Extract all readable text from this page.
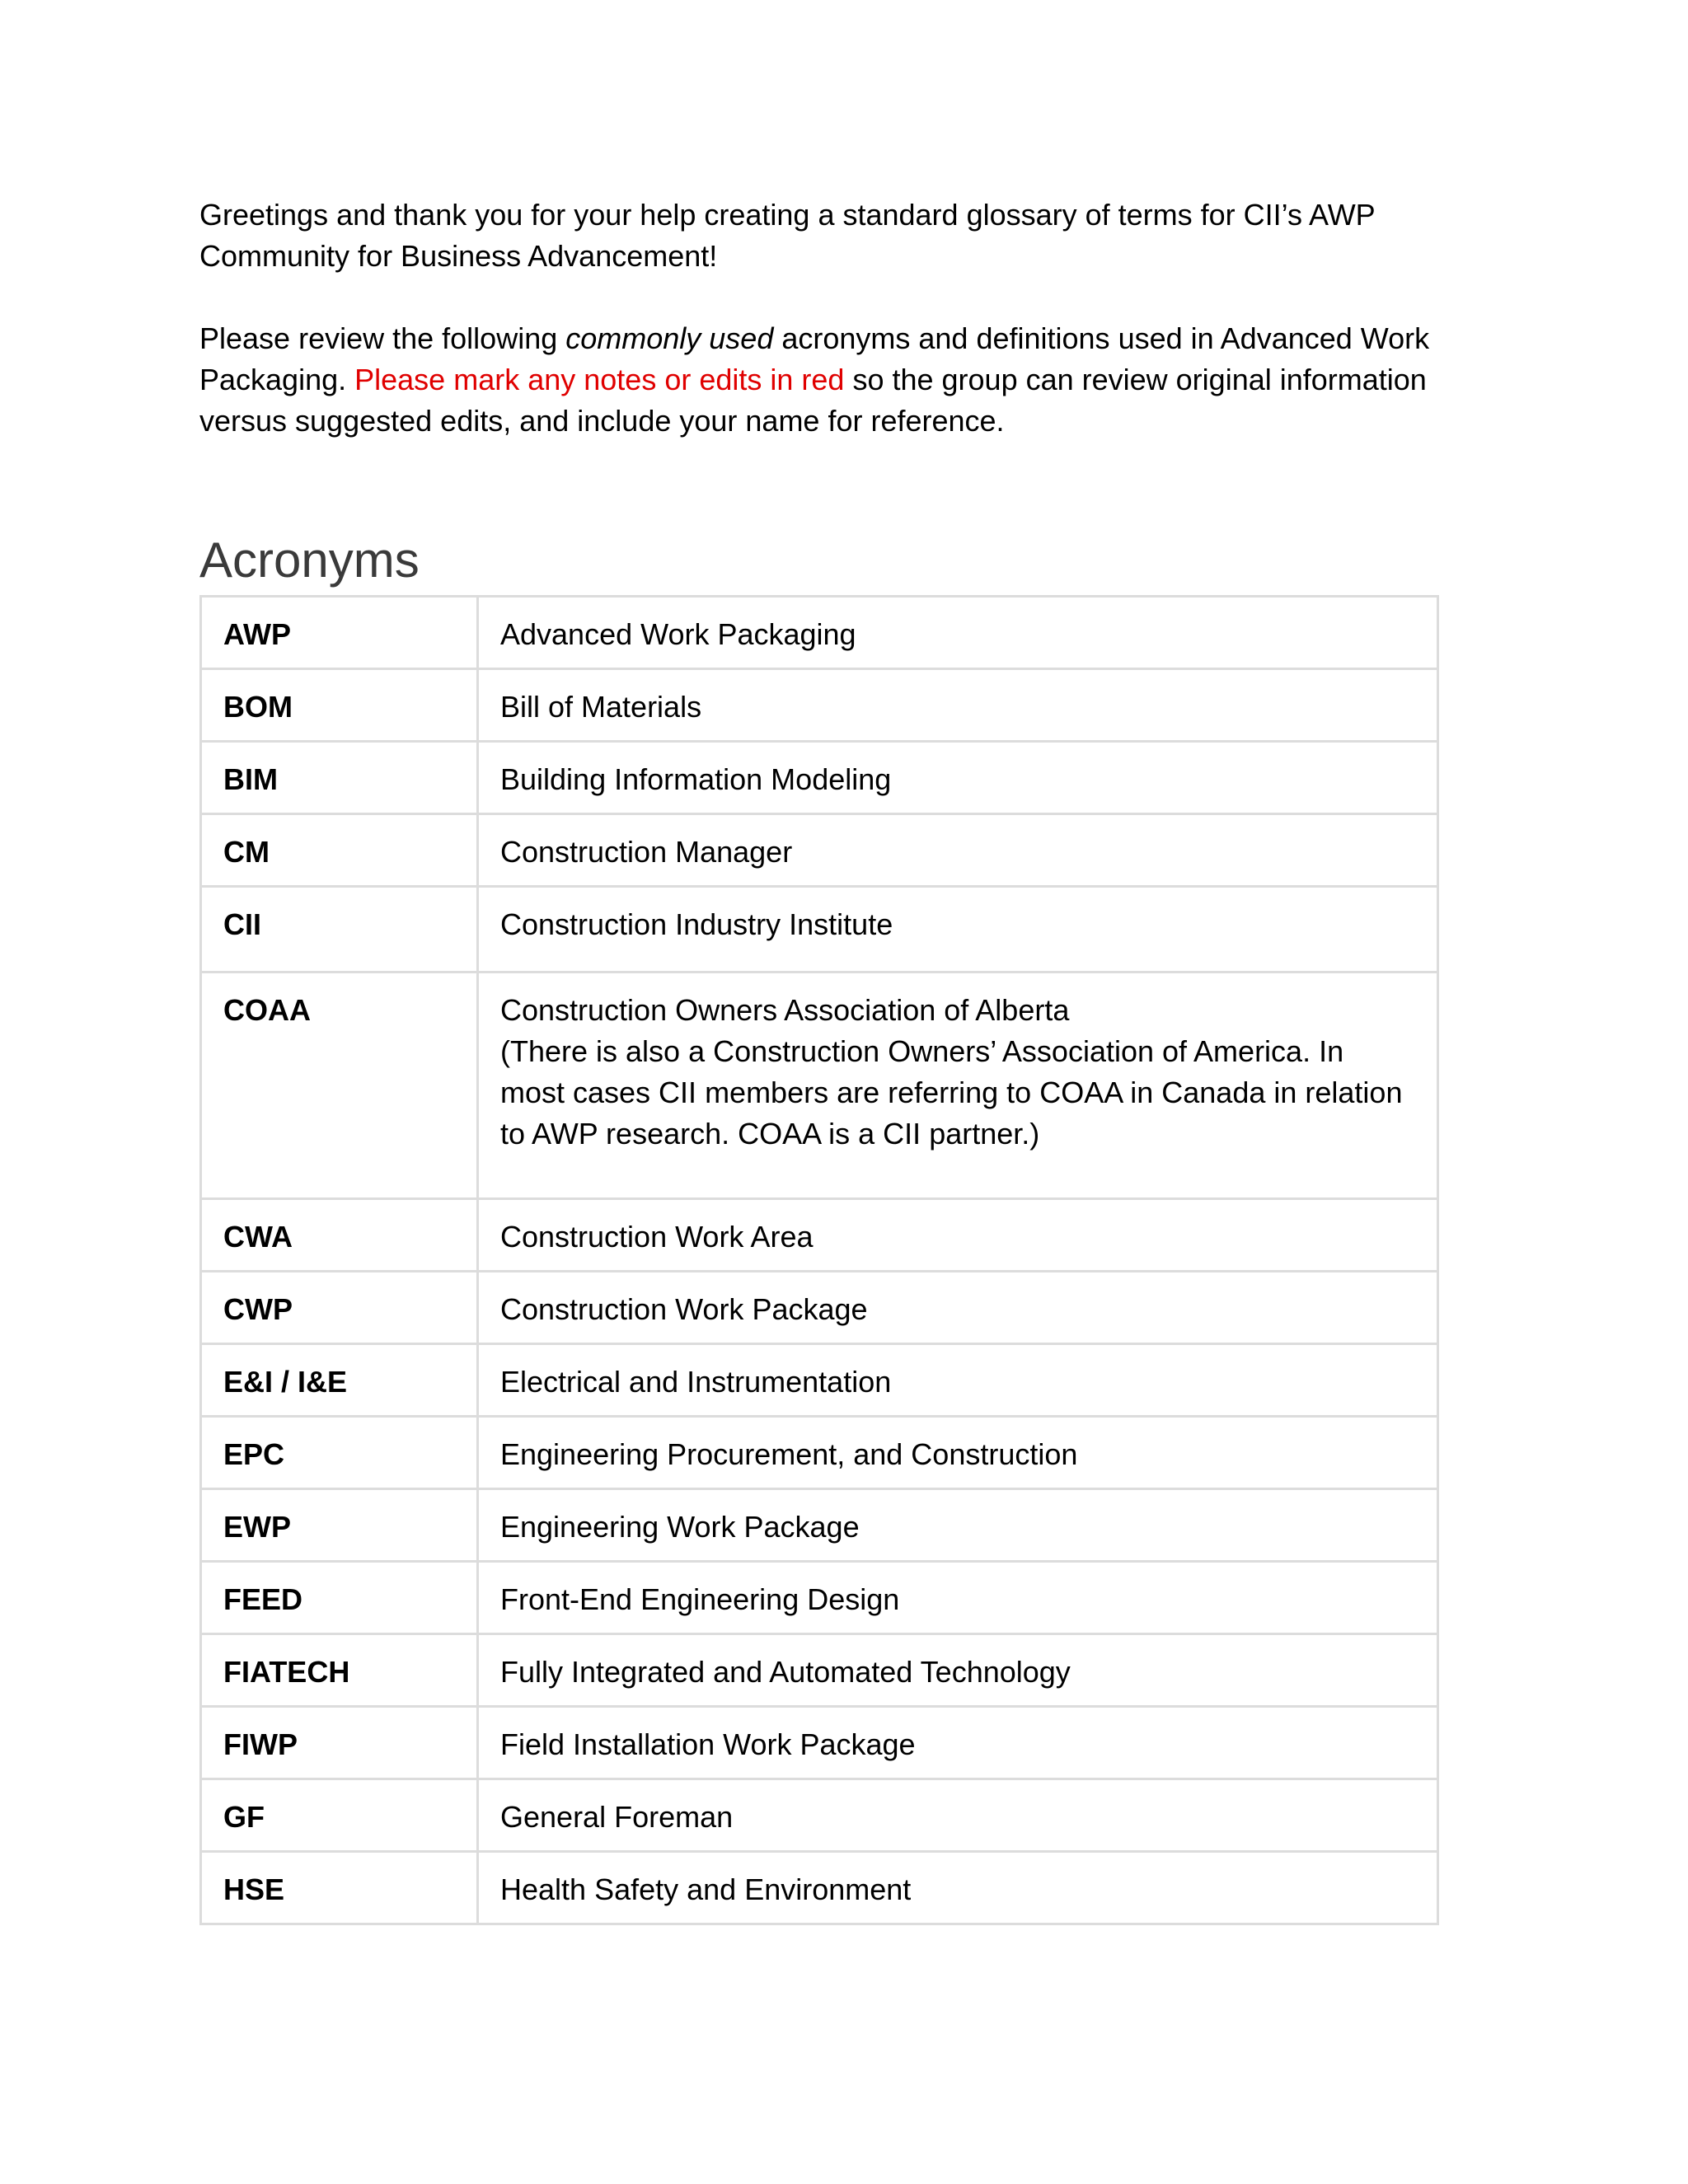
Greetings and thank you for your help creating a standard glossary of terms for CII’s AWP Community for Business Advancement!

Please review the following commonly used acronyms and definitions used in Advanced Work Packaging. Please mark any notes or edits in red so the group can review original information versus suggested edits, and include your name for reference.

Acronyms
AWP	Advanced Work Packaging
BOM	Bill of Materials
BIM	Building Information Modeling
CM	Construction Manager
CII	Construction Industry Institute
COAA	Construction Owners Association of Alberta
(There is also a Construction Owners’ Association of America. In most cases CII members are referring to COAA in Canada in relation to AWP research. COAA is a CII partner.)

CWA	Construction Work Area
CWP	Construction Work Package
E&I / I&E	Electrical and Instrumentation
EPC	Engineering Procurement, and Construction
EWP	Engineering Work Package
FEED	Front-End Engineering Design
FIATECH	Fully Integrated and Automated Technology
FIWP	Field Installation Work Package
GF	General Foreman
HSE	Health Safety and Environment
